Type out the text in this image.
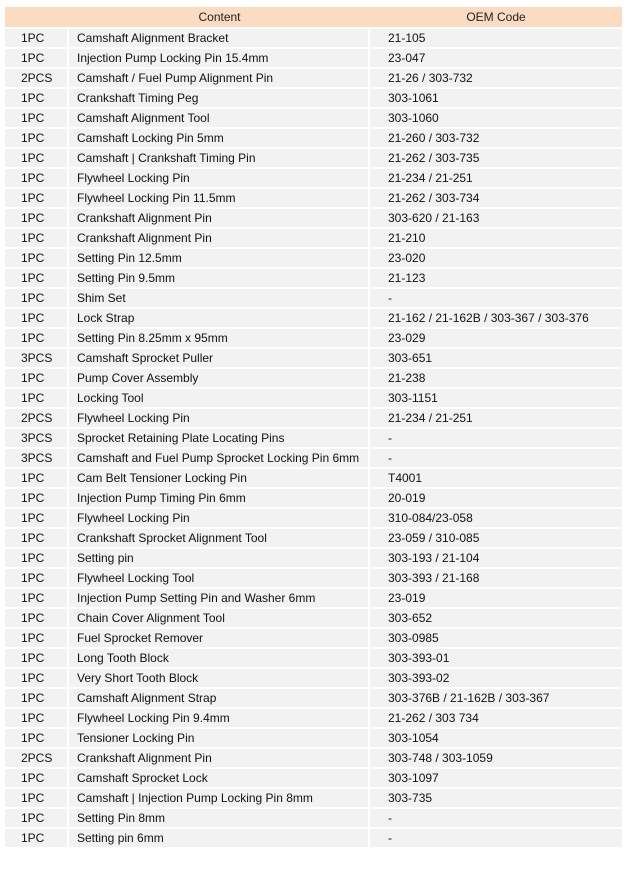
	Content	OEM Code
1PC	Camshaft Alignment Bracket	21-105
1PC	Injection Pump Locking Pin 15.4mm	23-047
2PCS	Camshaft / Fuel Pump Alignment Pin	21-26 / 303-732
1PC	Crankshaft Timing Peg	303-1061
1PC	Camshaft Alignment Tool	303-1060
1PC	Camshaft Locking Pin 5mm	21-260 / 303-732
1PC	Camshaft | Crankshaft Timing Pin	21-262 / 303-735
1PC	Flywheel Locking Pin	21-234 / 21-251
1PC	Flywheel Locking Pin 11.5mm	21-262 / 303-734
1PC	Crankshaft Alignment Pin	303-620 / 21-163
1PC	Crankshaft Alignment Pin	21-210
1PC	Setting Pin 12.5mm	23-020
1PC	Setting Pin 9.5mm	21-123
1PC	Shim Set	-
1PC	Lock Strap	21-162 / 21-162B / 303-367 / 303-376
1PC	Setting Pin 8.25mm x 95mm	23-029
3PCS	Camshaft Sprocket Puller	303-651
1PC	Pump Cover Assembly	21-238
1PC	Locking Tool	303-1151
2PCS	Flywheel Locking Pin	21-234 / 21-251
3PCS	Sprocket Retaining Plate Locating Pins	-
3PCS	Camshaft and Fuel Pump Sprocket Locking Pin 6mm	-
1PC	Cam Belt Tensioner Locking Pin	T4001
1PC	Injection Pump Timing Pin 6mm	20-019
1PC	Flywheel Locking Pin	310-084/23-058
1PC	Crankshaft Sprocket Alignment Tool	23-059 / 310-085
1PC	Setting pin	303-193 / 21-104
1PC	Flywheel Locking Tool	303-393 / 21-168
1PC	Injection Pump Setting Pin and Washer 6mm	23-019
1PC	Chain Cover Alignment Tool	303-652
1PC	Fuel Sprocket Remover	303-0985
1PC	Long Tooth Block	303-393-01
1PC	Very Short Tooth Block	303-393-02
1PC	Camshaft Alignment Strap	303-376B / 21-162B / 303-367
1PC	Flywheel Locking Pin 9.4mm	21-262 / 303 734
1PC	Tensioner Locking Pin	303-1054
2PCS	Crankshaft Alignment Pin	303-748 / 303-1059
1PC	Camshaft Sprocket Lock	303-1097
1PC	Camshaft | Injection Pump Locking Pin 8mm	303-735
1PC	Setting Pin 8mm	-
1PC	Setting pin 6mm	-
